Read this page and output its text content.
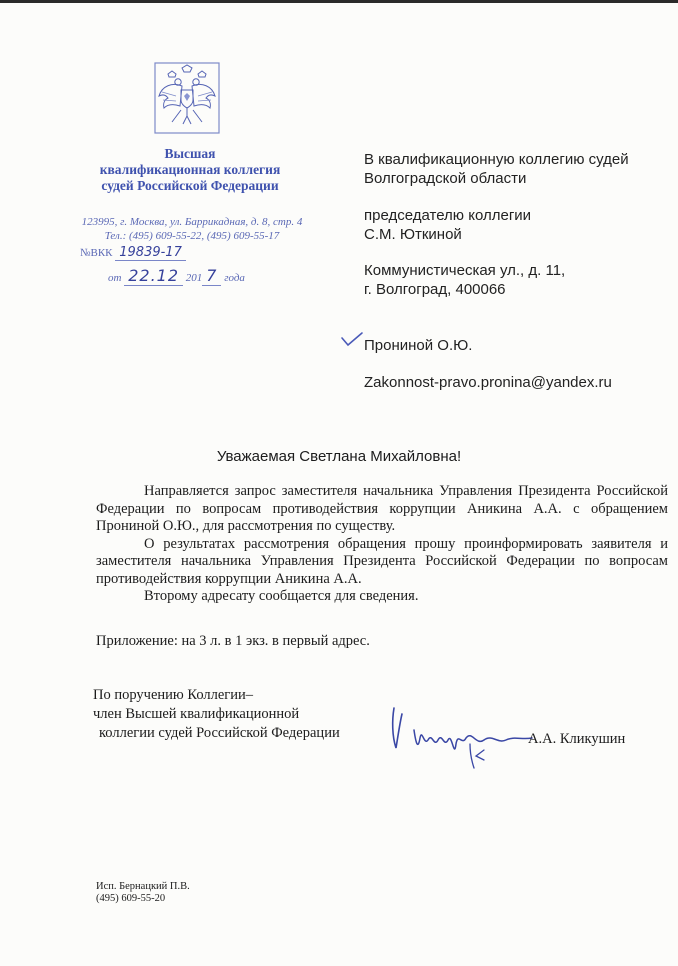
Высшая
квалификационная коллегия
судей Российской Федерации
123995, г. Москва, ул. Баррикадная, д. 8, стр. 4
Тел.: (495) 609-55-22, (495) 609-55-17
№ВКК 19839-17
от 22.12 201 7 года
В квалификационную коллегию судей
Волгоградской области
председателю коллегии
С.М. Юткиной
Коммунистическая ул., д. 11,
г. Волгоград, 400066
Прониной О.Ю.
Zakonnost-pravo.pronina@yandex.ru
Уважаемая Светлана Михайловна!

Направляется запрос заместителя начальника Управления Президента Российской Федерации по вопросам противодействия коррупции Аникина А.А. с обращением Прониной О.Ю., для рассмотрения по существу.

О результатах рассмотрения обращения прошу проинформировать заявителя и заместителя начальника Управления Президента Российской Федерации по вопросам противодействия коррупции Аникина А.А.

Второму адресату сообщается для сведения.

Приложение: на 3 л. в 1 экз. в первый адрес.
По поручению Коллегии–
член Высшей квалификационной
коллегии судей Российской Федерации	А.А. Кликушин
Исп. Бернацкий П.В.
(495) 609-55-20
